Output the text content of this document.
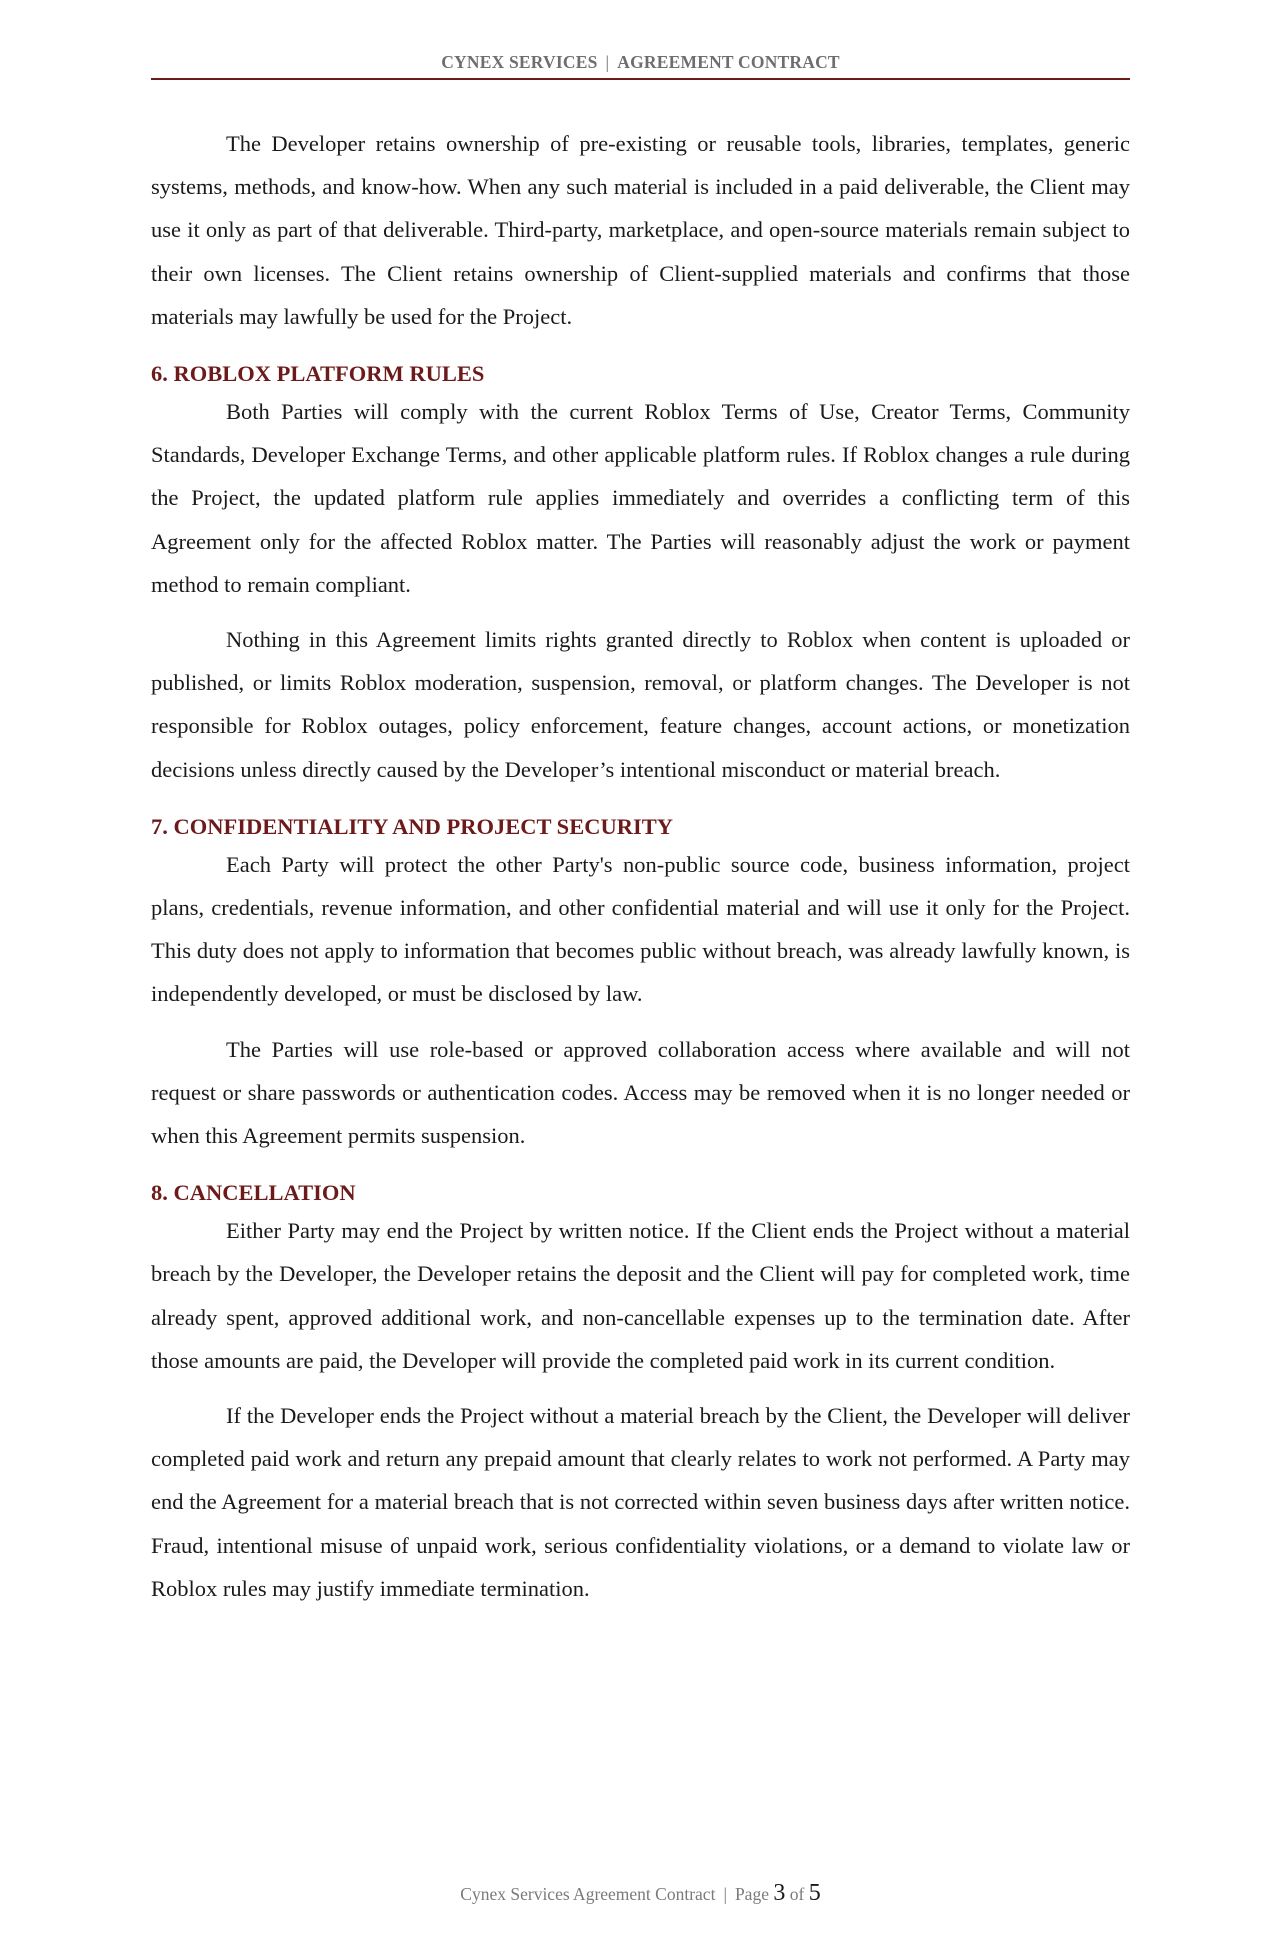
CYNEX SERVICES | AGREEMENT CONTRACT

The Developer retains ownership of pre-existing or reusable tools, libraries, templates, generic systems, methods, and know-how. When any such material is included in a paid deliverable, the Client may use it only as part of that deliverable. Third-party, marketplace, and open-source materials remain subject to their own licenses. The Client retains ownership of Client-supplied materials and confirms that those materials may lawfully be used for the Project.

6. ROBLOX PLATFORM RULES

Both Parties will comply with the current Roblox Terms of Use, Creator Terms, Community Standards, Developer Exchange Terms, and other applicable platform rules. If Roblox changes a rule during the Project, the updated platform rule applies immediately and overrides a conflicting term of this Agreement only for the affected Roblox matter. The Parties will reasonably adjust the work or payment method to remain compliant.

Nothing in this Agreement limits rights granted directly to Roblox when content is uploaded or published, or limits Roblox moderation, suspension, removal, or platform changes. The Developer is not responsible for Roblox outages, policy enforcement, feature changes, account actions, or monetization decisions unless directly caused by the Developer’s intentional misconduct or material breach.

7. CONFIDENTIALITY AND PROJECT SECURITY

Each Party will protect the other Party's non-public source code, business information, project plans, credentials, revenue information, and other confidential material and will use it only for the Project. This duty does not apply to information that becomes public without breach, was already lawfully known, is independently developed, or must be disclosed by law.

The Parties will use role-based or approved collaboration access where available and will not request or share passwords or authentication codes. Access may be removed when it is no longer needed or when this Agreement permits suspension.

8. CANCELLATION

Either Party may end the Project by written notice. If the Client ends the Project without a material breach by the Developer, the Developer retains the deposit and the Client will pay for completed work, time already spent, approved additional work, and non-cancellable expenses up to the termination date. After those amounts are paid, the Developer will provide the completed paid work in its current condition.

If the Developer ends the Project without a material breach by the Client, the Developer will deliver completed paid work and return any prepaid amount that clearly relates to work not performed. A Party may end the Agreement for a material breach that is not corrected within seven business days after written notice. Fraud, intentional misuse of unpaid work, serious confidentiality violations, or a demand to violate law or Roblox rules may justify immediate termination.

Cynex Services Agreement Contract | Page 3 of 5
